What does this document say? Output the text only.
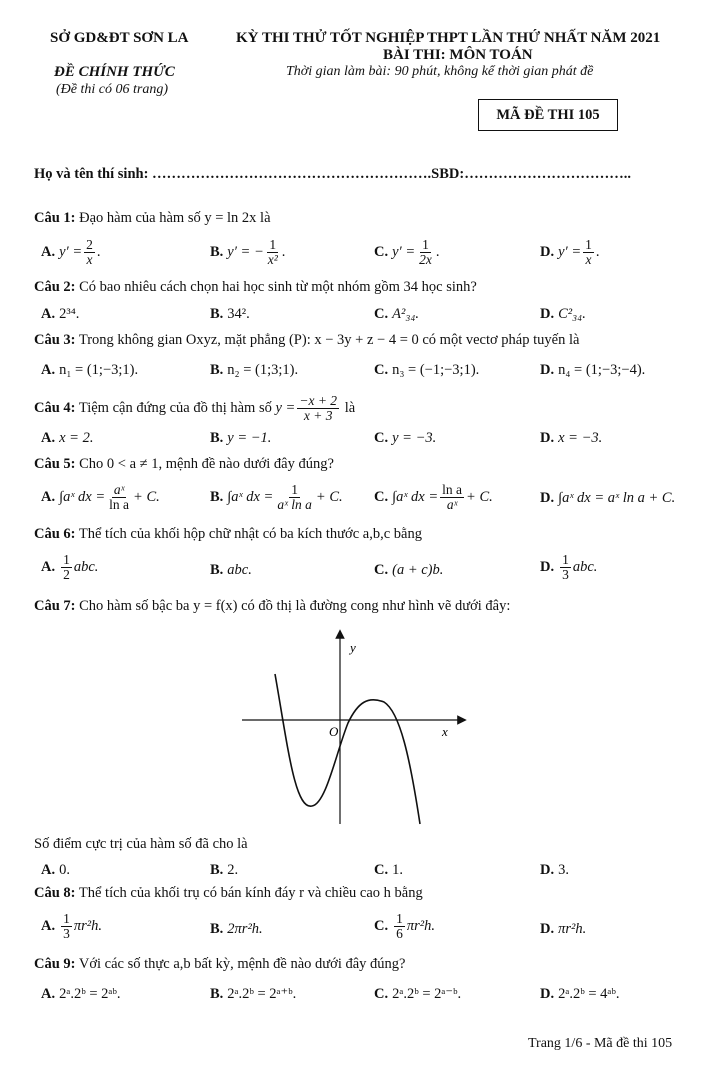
SỞ GD&ĐT SƠN LA
ĐỀ CHÍNH THỨC
(Đề thi có 06 trang)
KỲ THI THỬ TỐT NGHIỆP THPT LẦN THỨ NHẤT NĂM 2021
BÀI THI: MÔN TOÁN
Thời gian làm bài: 90 phút, không kể thời gian phát đề
MÃ ĐỀ THI 105
Họ và tên thí sinh: ………………………………………………….SBD:……………………………..
Câu 1: Đạo hàm của hàm số y = ln 2x là
A. $y' = \frac{2}{x}$ .	B. y′ = − $\frac{1}{\text{x²}}$ .	C. $y' = \frac{1}{2x}$ .	D. $y' = \frac{1}{x}$ .
Câu 2: Có bao nhiêu cách chọn hai học sinh từ một nhóm gồm 34 học sinh?
A. 2³⁴.	B. 34².	C. A²₃₄.	D. C²₃₄.
Câu 3: Trong không gian Oxyz, mặt phẳng (P): x − 3y + z − 4 = 0 có một vectơ pháp tuyến là
A. n₁ = (1;−3;1).	B. n₂ = (1;3;1).	C. n₃ = (−1;−3;1).	D. n₄ = (1;−3;−4).
Câu 4: Tiệm cận đứng của đồ thị hàm số $y = \frac{-x + 2}{x + 3}$ là
A. x = 2.	B. y = −1.	C. y = −3.	D. x = −3.
Câu 5: Cho 0 < a ≠ 1, mệnh đề nào dưới đây đúng?
A. ∫aˣ dx = $\frac{\text{aˣ}}{\text{ln a}} + C$.	B. ∫aˣ dx = $\frac{1}{\text{aˣ ln a}} + C$. C. ∫aˣ dx = $\frac{\text{ln a}}{\text{aˣ}} + C$.	D. ∫aˣ dx = aˣ ln a + C.
Câu 6: Thể tích của khối hộp chữ nhật có ba kích thước a,b,c bằng
A. $\frac{1}{2}$ abc.	B. abc.	C. (a + c)b.	D. $\frac{1}{3}$ abc.
Câu 7: Cho hàm số bậc ba y = f(x) có đồ thị là đường cong như hình vẽ dưới đây:
y
x
O
Số điểm cực trị của hàm số đã cho là
A. 0.	B. 2.	C. 1.	D. 3.
Câu 8: Thể tích của khối trụ có bán kính đáy r và chiều cao h bằng
A. $\frac{1}{3} \pi r^2h$.	B. 2πr²h.	C. $\frac{1}{6} \pi r^2h$.	D. πr²h.
Câu 9: Với các số thực a,b bất kỳ, mệnh đề nào dưới đây đúng?
A. 2ᵃ.2ᵇ = 2ᵃᵇ.	B. 2ᵃ.2ᵇ = 2ᵃ⁺ᵇ.	C. 2ᵃ.2ᵇ = 2ᵃ⁻ᵇ.	D. 2ᵃ.2ᵇ = 4ᵃᵇ.
Trang 1/6 - Mã đề thi 105
